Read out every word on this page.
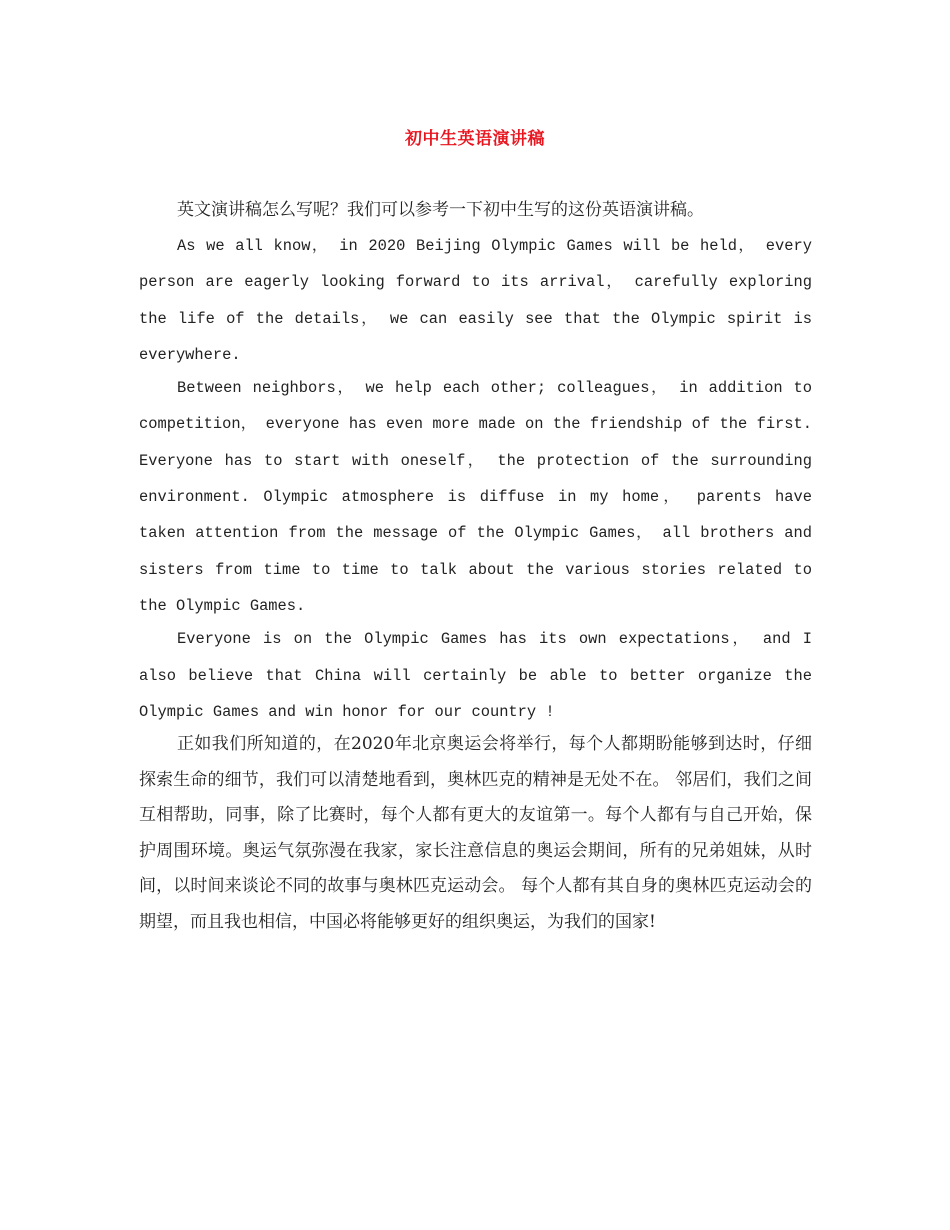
初中生英语演讲稿

英文演讲稿怎么写呢？我们可以参考一下初中生写的这份英语演讲稿。

As we all know， in 2020 Beijing Olympic Games will be held， every person are eagerly looking forward to its arrival， carefully exploring the life of the details， we can easily see that the Olympic spirit is everywhere.

Between neighbors， we help each other; colleagues， in addition to competition， everyone has even more made on the friendship of the first. Everyone has to start with oneself， the protection of the surrounding environment. Olympic atmosphere is diffuse in my home， parents have taken attention from the message of the Olympic Games， all brothers and sisters from time to time to talk about the various stories related to the Olympic Games.

Everyone is on the Olympic Games has its own expectations， and I also believe that China will certainly be able to better organize the Olympic Games and win honor for our country !

正如我们所知道的，在2020年北京奥运会将举行，每个人都期盼能够到达时，仔细探索生命的细节，我们可以清楚地看到，奥林匹克的精神是无处不在。 邻居们，我们之间互相帮助，同事，除了比赛时，每个人都有更大的友谊第一。每个人都有与自己开始，保护周围环境。奥运气氛弥漫在我家，家长注意信息的奥运会期间，所有的兄弟姐妹，从时间，以时间来谈论不同的故事与奥林匹克运动会。 每个人都有其自身的奥林匹克运动会的期望，而且我也相信，中国必将能够更好的组织奥运，为我们的国家!
